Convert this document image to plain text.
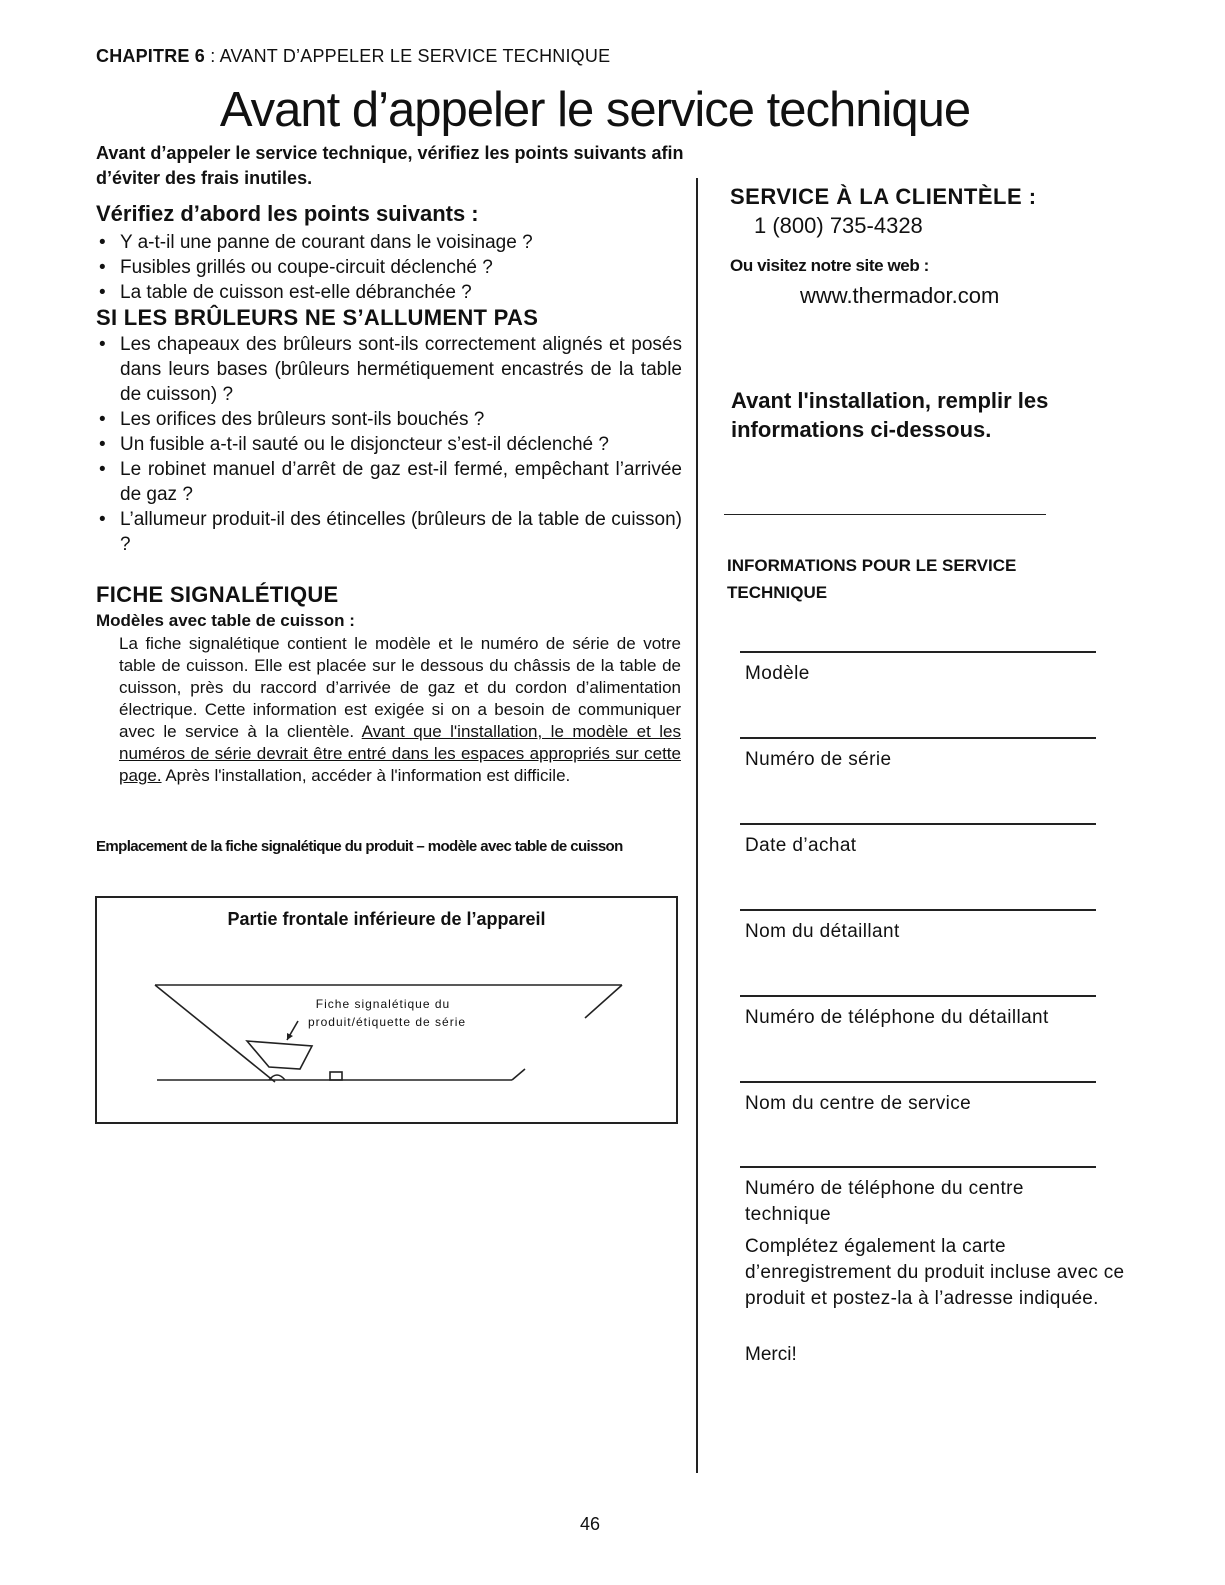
CHAPITRE 6 : AVANT D’APPELER LE SERVICE TECHNIQUE
Avant d’appeler le service technique
Avant d’appeler le service technique, vérifiez les points suivants afin d’éviter des frais inutiles.
Vérifiez d’abord les points suivants :
• Y a-t-il une panne de courant dans le voisinage ?
• Fusibles grillés ou coupe-circuit déclenché ?
• La table de cuisson est-elle débranchée ?
SI LES BRÛLEURS NE S’ALLUMENT PAS
• Les chapeaux des brûleurs sont-ils correctement alignés et posés dans leurs bases (brûleurs hermétiquement encastrés de la table de cuisson) ?
• Les orifices des brûleurs sont-ils bouchés ?
• Un fusible a-t-il sauté ou le disjoncteur s’est-il déclenché ?
• Le robinet manuel d’arrêt de gaz est-il fermé, empêchant l’arrivée de gaz ?
• L’allumeur produit-il des étincelles (brûleurs de la table de cuisson) ?
FICHE SIGNALÉTIQUE
Modèles avec table de cuisson :
La fiche signalétique contient le modèle et le numéro de série de votre table de cuisson. Elle est placée sur le dessous du châssis de la table de cuisson, près du raccord d’arrivée de gaz et du cordon d’alimentation électrique. Cette information est exigée si on a besoin de communiquer avec le service à la clientèle. Avant que l'installation, le modèle et les numéros de série devrait être entré dans les espaces appropriés sur cette page. Après l'installation, accéder à l'information est difficile.
Emplacement de la fiche signalétique du produit – modèle avec table de cuisson
Partie frontale inférieure de l’appareil
Fiche signalétique du
produit/étiquette de série
SERVICE À LA CLIENTÈLE :
1 (800) 735-4328
Ou visitez notre site web :
www.thermador.com
Avant l'installation, remplir les informations ci-dessous.
INFORMATIONS POUR LE SERVICE TECHNIQUE
Modèle
Numéro de série
Date d’achat
Nom du détaillant
Numéro de téléphone du détaillant
Nom du centre de service
Numéro de téléphone du centre technique
Complétez également la carte d’enregistrement du produit incluse avec ce produit et postez-la à l’adresse indiquée.
Merci!
46
